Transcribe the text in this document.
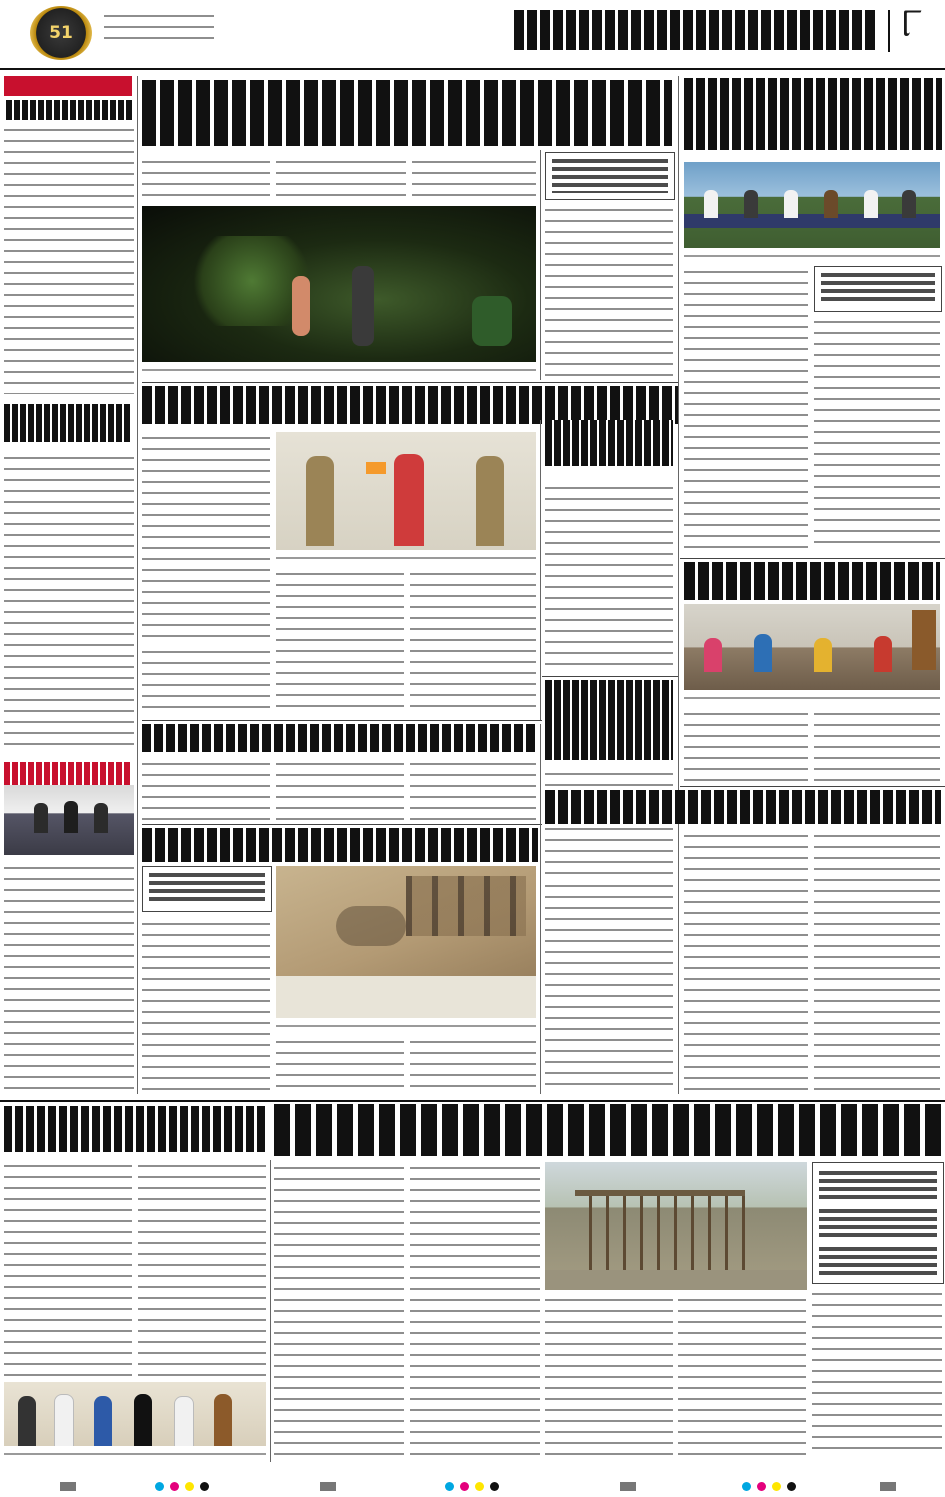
51	୮
